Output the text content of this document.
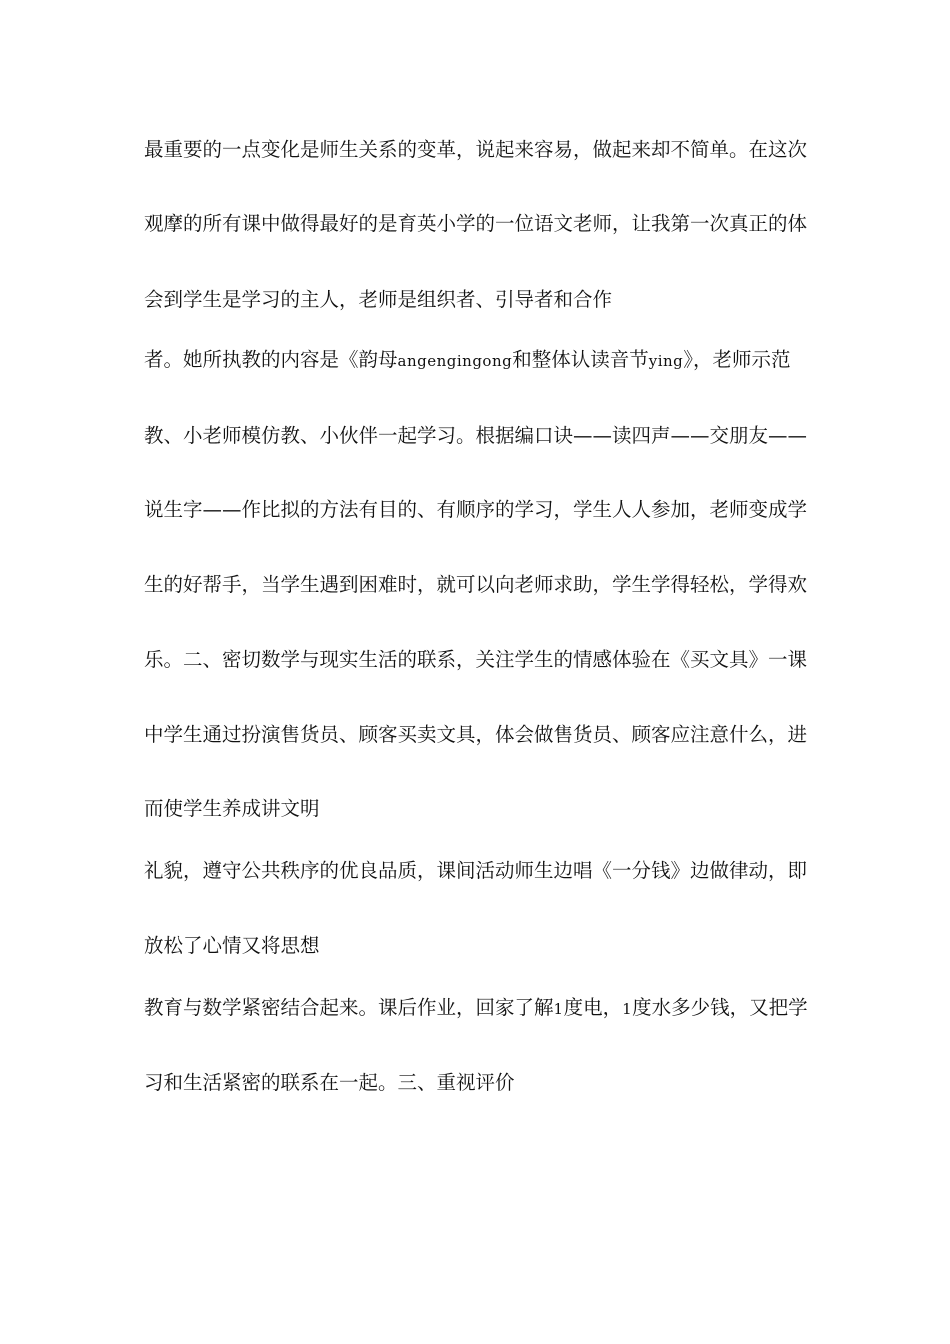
最重要的一点变化是师生关系的变革，说起来容易，做起来却不简单。在这次
观摩的所有课中做得最好的是育英小学的一位语文老师，让我第一次真正的体
会到学生是学习的主人，老师是组织者、引导者和合作
者。她所执教的内容是《韵母angengingong和整体认读音节ying》，老师示范
教、小老师模仿教、小伙伴一起学习。根据编口诀——读四声——交朋友——
说生字——作比拟的方法有目的、有顺序的学习，学生人人参加，老师变成学
生的好帮手，当学生遇到困难时，就可以向老师求助，学生学得轻松，学得欢
乐。二、密切数学与现实生活的联系，关注学生的情感体验在《买文具》一课
中学生通过扮演售货员、顾客买卖文具，体会做售货员、顾客应注意什么，进
而使学生养成讲文明
礼貌，遵守公共秩序的优良品质，课间活动师生边唱《一分钱》边做律动，即
放松了心情又将思想
教育与数学紧密结合起来。课后作业，回家了解1度电，1度水多少钱，又把学
习和生活紧密的联系在一起。三、重视评价
